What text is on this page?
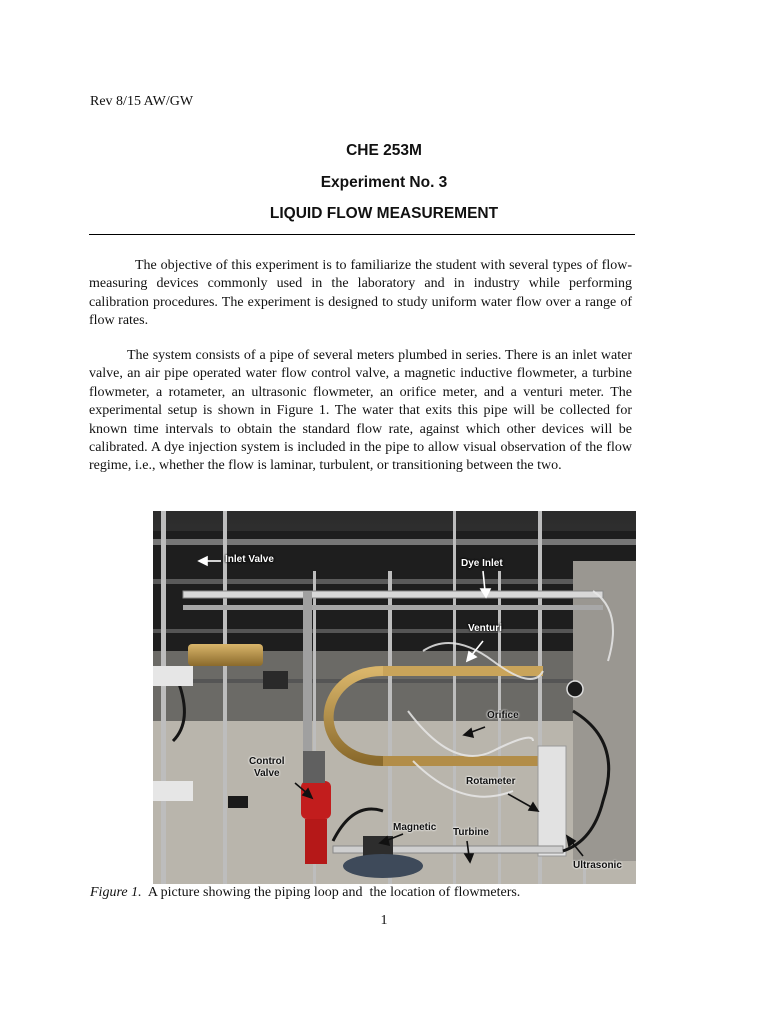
Rev 8/15 AW/GW
CHE 253M
Experiment No. 3
LIQUID FLOW MEASUREMENT

The objective of this experiment is to familiarize the student with several types of flow-measuring devices commonly used in the laboratory and in industry while performing calibration procedures. The experiment is designed to study uniform water flow over a range of flow rates.

The system consists of a pipe of several meters plumbed in series. There is an inlet water valve, an air pipe operated water flow control valve, a magnetic inductive flowmeter, a turbine flowmeter, a rotameter, an ultrasonic flowmeter, an orifice meter, and a venturi meter. The experimental setup is shown in Figure 1. The water that exits this pipe will be collected for known time intervals to obtain the standard flow rate, against which other devices will be calibrated. A dye injection system is included in the pipe to allow visual observation of the flow regime, i.e., whether the flow is laminar, turbulent, or transitioning between the two.

Inlet Valve	Dye Inlet
Venturi
Orifice
Control
Valve
Rotameter
Magnetic Turbine
Ultrasonic
Figure 1.  A picture showing the piping loop and  the location of flowmeters.
1
